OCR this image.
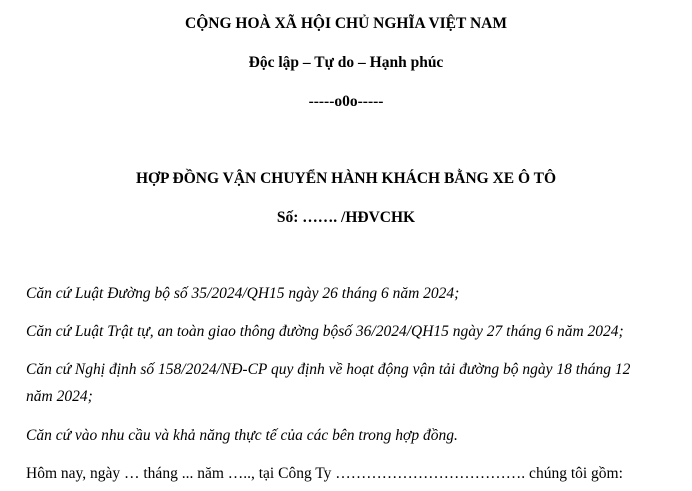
CỘNG HOÀ XÃ HỘI CHỦ NGHĨA VIỆT NAM
Độc lập – Tự do – Hạnh phúc
-----o0o-----
HỢP ĐỒNG VẬN CHUYỂN HÀNH KHÁCH BẰNG XE Ô TÔ
Số: ……. /HĐVCHK
Căn cứ Luật Đường bộ số 35/2024/QH15 ngày 26 tháng 6 năm 2024;
Căn cứ Luật Trật tự, an toàn giao thông đường bộsố 36/2024/QH15 ngày 27 tháng 6 năm 2024;
Căn cứ Nghị định số 158/2024/NĐ-CP quy định về hoạt động vận tải đường bộ ngày 18 tháng 12
năm 2024;
Căn cứ vào nhu cầu và khả năng thực tế của các bên trong hợp đồng.
Hôm nay, ngày … tháng ... năm ….., tại Công Ty ………………………………. chúng tôi gồm:
